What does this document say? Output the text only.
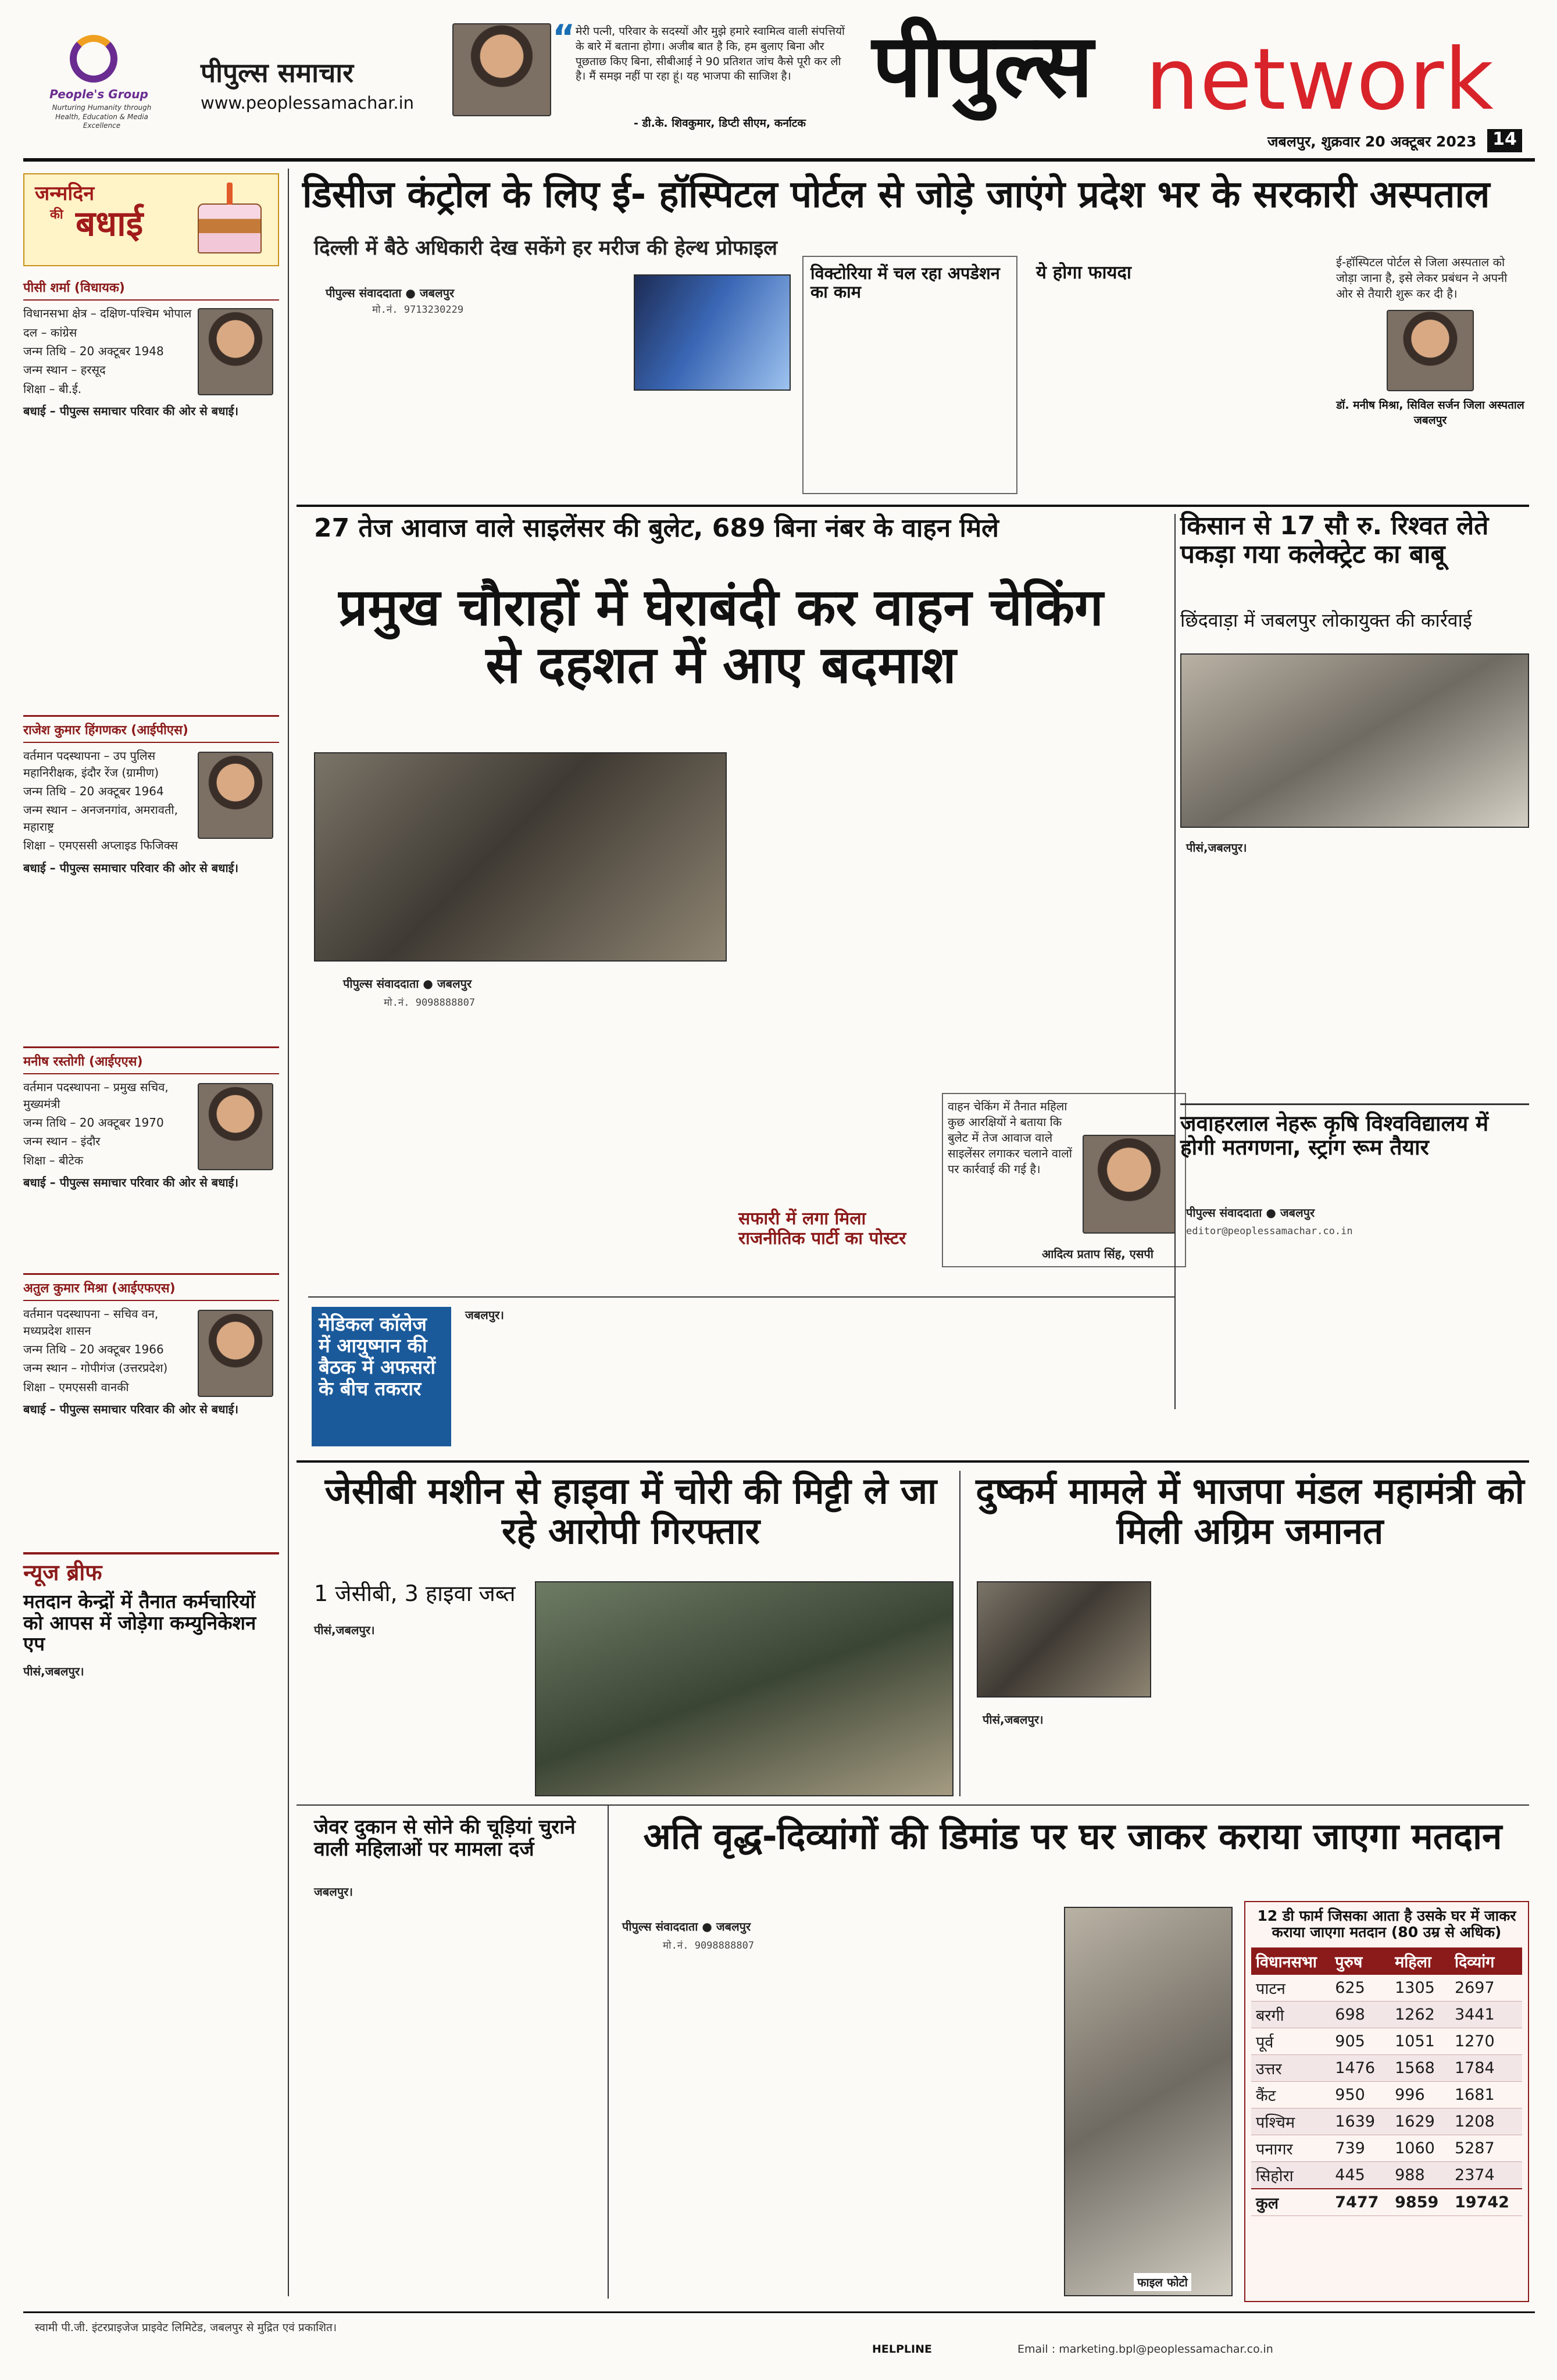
People's Group
Nurturing Humanity through Health, Education & Media Excellence
पीपुल्स समाचार
www.peoplessamachar.in
“ मेरी पत्नी, परिवार के सदस्यों और मुझे हमारे स्वामित्व वाली संपत्तियों के बारे में बताना होगा। अजीब बात है कि, हम बुलाए बिना और पूछताछ किए बिना, सीबीआई ने 90 प्रतिशत जांच कैसे पूरी कर ली है। मैं समझ नहीं पा रहा हूं। यह भाजपा की साजिश है।
- डी.के. शिवकुमार, डिप्टी सीएम, कर्नाटक
पीपुल्स network
जबलपुर, शुक्रवार 20 अक्टूबर 2023 14
जन्मदिन
की बधाई

पीसी शर्मा (विधायक)

विधानसभा क्षेत्र – दक्षिण-पश्चिम भोपाल

दल – कांग्रेस

जन्म तिथि – 20 अक्टूबर 1948

जन्म स्थान – हरसूद

शिक्षा – बी.ई.

बधाई – पीपुल्स समाचार परिवार की ओर से बधाई।

राजेश कुमार हिंगणकर (आईपीएस)

वर्तमान पदस्थापना – उप पुलिस महानिरीक्षक, इंदौर रेंज (ग्रामीण)

जन्म तिथि – 20 अक्टूबर 1964

जन्म स्थान – अनजनगांव, अमरावती, महाराष्ट्र

शिक्षा – एमएससी अप्लाइड फिजिक्स

बधाई – पीपुल्स समाचार परिवार की ओर से बधाई।

मनीष रस्तोगी (आईएएस)

वर्तमान पदस्थापना – प्रमुख सचिव, मुख्यमंत्री

जन्म तिथि – 20 अक्टूबर 1970

जन्म स्थान – इंदौर

शिक्षा – बीटेक

बधाई – पीपुल्स समाचार परिवार की ओर से बधाई।

अतुल कुमार मिश्रा (आईएफएस)

वर्तमान पदस्थापना – सचिव वन, मध्यप्रदेश शासन

जन्म तिथि – 20 अक्टूबर 1966

जन्म स्थान – गोपीगंज (उत्तरप्रदेश)

शिक्षा – एमएससी वानकी

बधाई – पीपुल्स समाचार परिवार की ओर से बधाई।

न्यूज ब्रीफ
मतदान केन्द्रों में तैनात कर्मचारियों को आपस में जोड़ेगा कम्युनिकेशन एप
पीसं,जबलपुर।
डिसीज कंट्रोल के लिए ई- हॉस्पिटल पोर्टल से जोड़े जाएंगे प्रदेश भर के सरकारी अस्पताल
दिल्ली में बैठे अधिकारी देख सकेंगे हर मरीज की हेल्थ प्रोफाइल
पीपुल्स संवाददाता ● जबलपुर
मो.नं. 9713230229
विक्टोरिया में चल रहा अपडेशन का काम
ये होगा फायदा	ई-हॉस्पिटल पोर्टल से जिला अस्पताल को जोड़ा जाना है, इसे लेकर प्रबंधन ने अपनी ओर से तैयारी शुरू कर दी है।
डॉ. मनीष मिश्रा, सिविल सर्जन जिला अस्पताल जबलपुर
27 तेज आवाज वाले साइलेंसर की बुलेट, 689 बिना नंबर के वाहन मिले
प्रमुख चौराहों में घेराबंदी कर वाहन चेकिंग से दहशत में आए बदमाश
पीपुल्स संवाददाता ● जबलपुर
मो.नं. 9098888807
सफारी में लगा मिला राजनीतिक पार्टी का पोस्टर
वाहन चेकिंग में तैनात महिला कुछ आरक्षियों ने बताया कि बुलेट में तेज आवाज वाले साइलेंसर लगाकर चलाने वालों पर कार्रवाई की गई है।
आदित्य प्रताप सिंह, एसपी
किसान से 17 सौ रु. रिश्वत लेते पकड़ा गया कलेक्ट्रेट का बाबू
छिंदवाड़ा में जबलपुर लोकायुक्त की कार्रवाई
पीसं,जबलपुर।
जवाहरलाल नेहरू कृषि विश्वविद्यालय में होगी मतगणना, स्ट्रांग रूम तैयार
पीपुल्स संवाददाता ● जबलपुर
editor@peoplessamachar.co.in
मेडिकल कॉलेज में आयुष्मान की बैठक में अफसरों के बीच तकरार
जबलपुर।
जेसीबी मशीन से हाइवा में चोरी की मिट्टी ले जा रहे आरोपी गिरफ्तार
1 जेसीबी, 3 हाइवा जब्त
पीसं,जबलपुर।
दुष्कर्म मामले में भाजपा मंडल महामंत्री को मिली अग्रिम जमानत
पीसं,जबलपुर।
जेवर दुकान से सोने की चूड़ियां चुराने वाली महिलाओं पर मामला दर्ज
जबलपुर।
अति वृद्ध-दिव्यांगों की डिमांड पर घर जाकर कराया जाएगा मतदान
पीपुल्स संवाददाता ● जबलपुर
मो.नं. 9098888807
फाइल फोटो
12 डी फार्म जिसका आता है उसके घर में जाकर कराया जाएगा मतदान (80 उम्र से अधिक)
विधानसभा	पुरुष	महिला	दिव्यांग
पाटन	625	1305	2697
बरगी	698	1262	3441
पूर्व	905	1051	1270
उत्तर	1476	1568	1784
कैंट	950	996	1681
पश्चिम	1639	1629	1208
पनागर	739	1060	5287
सिहोरा	445	988	2374
कुल	7477	9859	19742
स्वामी पी.जी. इंटरप्राइजेज प्राइवेट लिमिटेड, जबलपुर से मुद्रित एवं प्रकाशित।
HELPLINE	Email : marketing.bpl@peoplessamachar.co.in
